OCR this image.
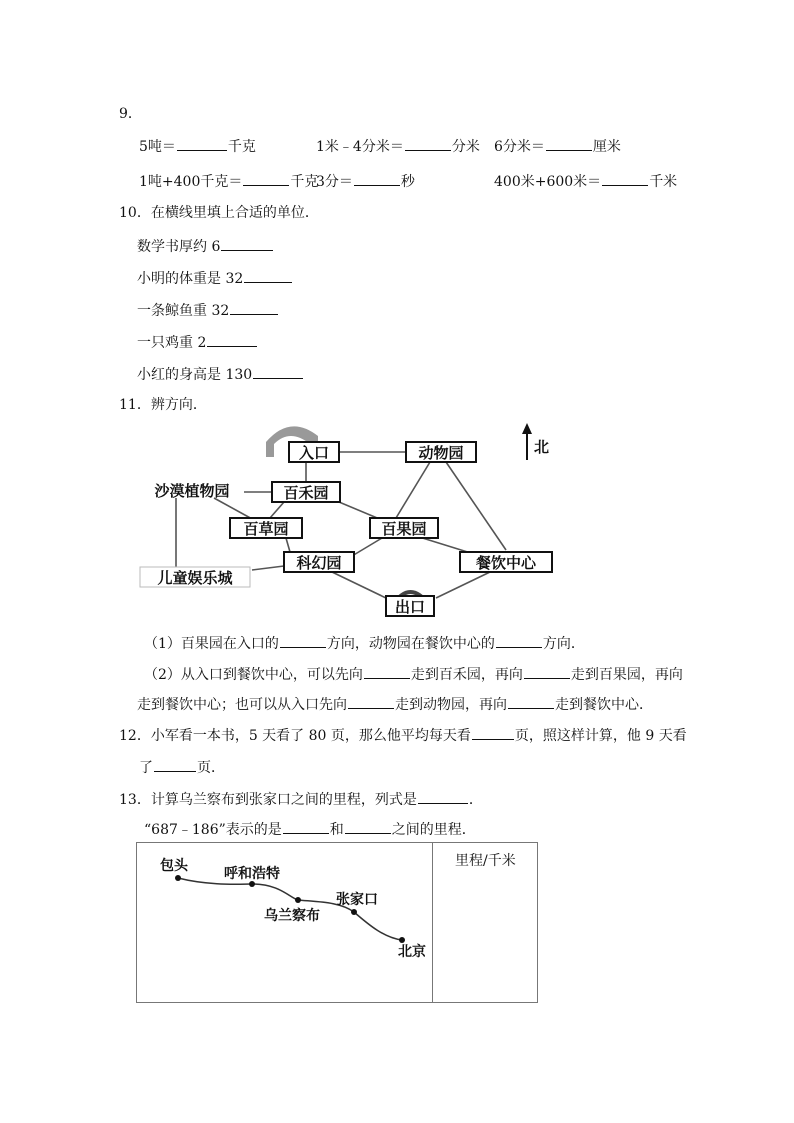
9．
5吨＝	千克	1米﹣4分米＝	分米 6分米＝	厘米
1吨+400千克＝	千克
3分＝	秒	400米+600米＝	千米
10．在横线里填上合适的单位．
数学书厚约 6
小明的体重是 32
一条鲸鱼重 32
一只鸡重 2
小红的身高是 130
11．辨方向．
北
入口	动物园
沙漠植物园	百禾园
百草园	百果园
科幻园	餐饮中心
儿童娱乐城
出口
（1）百果园在入口的	方向，动物园在餐饮中心的	方向．
（2）从入口到餐饮中心，可以先向	走到百禾园，再向	走到百果园，再向
走到餐饮中心；也可以从入口先向	走到动物园，再向	走到餐饮中心．
12．小军看一本书，5 天看了 80 页，那么他平均每天看	页，照这样计算，他 9 天看
了	页．
13．计算乌兰察布到张家口之间的里程，列式是	．
“687﹣186”表示的是	和	之间的里程．
里程/千米
包头	呼和浩特
乌兰察布
张家口
北京
